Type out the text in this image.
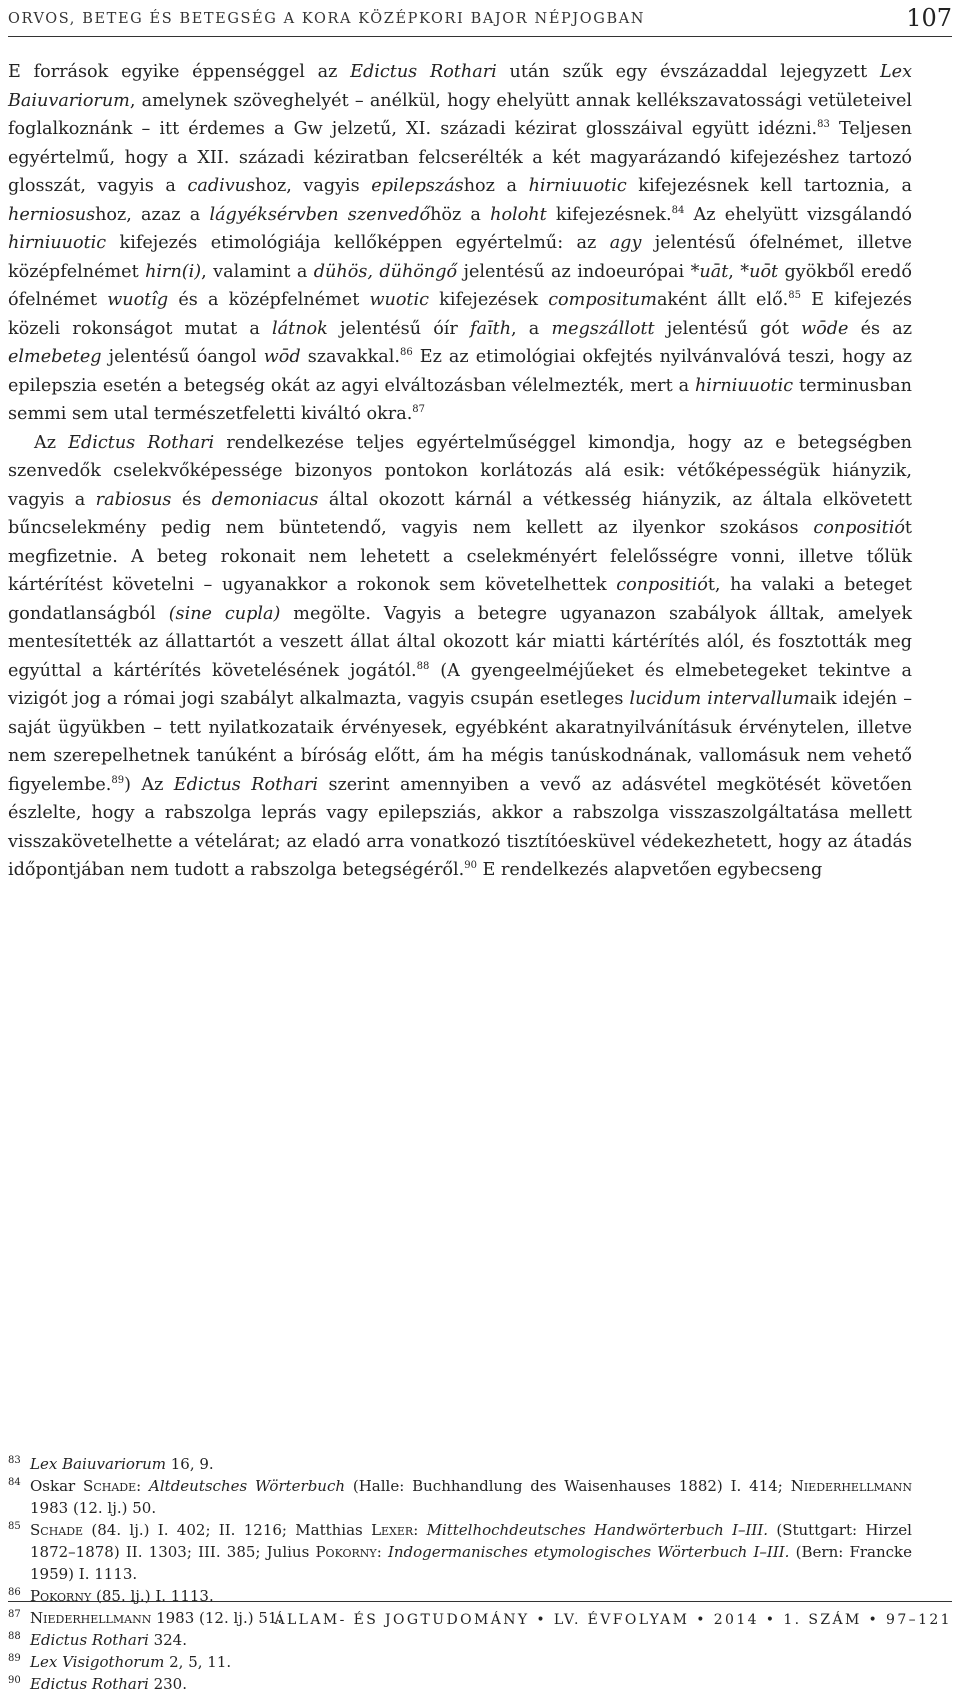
ORVOS, BETEG ÉS BETEGSÉG A KORA KÖZÉPKORI BAJOR NÉPJOGBAN	107

E források egyike éppenséggel az Edictus Rothari után szűk egy évszázaddal lejegyzett Lex Baiuvariorum, amelynek szöveghelyét – anélkül, hogy ehelyütt annak kellékszavatossági vetületeivel foglalkoznánk – itt érdemes a Gw jelzetű, XI. századi kézirat glosszáival együtt idézni.$^{83}$ Teljesen egyértelmű, hogy a XII. századi kéziratban felcserélték a két magyarázandó kifejezéshez tartozó glosszát, vagyis a cadivushoz, vagyis epilepszáshoz a hirniuuotic kifejezésnek kell tartoznia, a herniosushoz, azaz a lágyéksérvben szenvedőhöz a holoht kifejezésnek.$^{84}$ Az ehelyütt vizsgálandó hirniuuotic kifejezés etimológiája kellőképpen egyértelmű: az agy jelentésű ófelnémet, illetve középfelnémet hirn(i), valamint a dühös, dühöngő jelentésű az indoeurópai *uāt, *uōt gyökből eredő ófelnémet wuotîg és a középfelnémet wuotic kifejezések compositumaként állt elő.$^{85}$ E kifejezés közeli rokonságot mutat a látnok jelentésű óír faīth, a megszállott jelentésű gót wōde és az elmebeteg jelentésű óangol wōd szavakkal.$^{86}$ Ez az etimológiai okfejtés nyilvánvalóvá teszi, hogy az epilepszia esetén a betegség okát az agyi elváltozásban vélelmezték, mert a hirniuuotic terminusban semmi sem utal természetfeletti kiváltó okra.$^{87}$

Az Edictus Rothari rendelkezése teljes egyértelműséggel kimondja, hogy az e betegségben szenvedők cselekvőképessége bizonyos pontokon korlátozás alá esik: vétőképességük hiányzik, vagyis a rabiosus és demoniacus által okozott kárnál a vétkesség hiányzik, az általa elkövetett bűncselekmény pedig nem büntetendő, vagyis nem kellett az ilyenkor szokásos conpositiót megfizetnie. A beteg rokonait nem lehetett a cselekményért felelősségre vonni, illetve tőlük kártérítést követelni – ugyanakkor a rokonok sem követelhettek conpositiót, ha valaki a beteget gondatlanságból (sine cupla) megölte. Vagyis a betegre ugyanazon szabályok álltak, amelyek mentesítették az állattartót a veszett állat által okozott kár miatti kártérítés alól, és fosztották meg egyúttal a kártérítés követelésének jogától.$^{88}$ (A gyengeelméjűeket és elmebetegeket tekintve a vizigót jog a római jogi szabályt alkalmazta, vagyis csupán esetleges lucidum intervallumaik idején – saját ügyükben – tett nyilatkozataik érvényesek, egyébként akaratnyilvánításuk érvénytelen, illetve nem szerepelhetnek tanúként a bíróság előtt, ám ha mégis tanúskodnának, vallomásuk nem vehető figyelembe.$^{89}$) Az Edictus Rothari szerint amennyiben a vevő az adásvétel megkötését követően észlelte, hogy a rabszolga leprás vagy epilepsziás, akkor a rabszolga visszaszolgáltatása mellett visszakövetelhette a vételárat; az eladó arra vonatkozó tisztítóesküvel védekezhetett, hogy az átadás időpontjában nem tudott a rabszolga betegségéről.$^{90}$ E rendelkezés alapvetően egybecseng

83 Lex Baiuvariorum 16, 9.
84 Oskar Schade: Altdeutsches Wörterbuch (Halle: Buchhandlung des Waisenhauses 1882) I. 414; Niederhellmann 1983 (12. lj.) 50.
85 Schade (84. lj.) I. 402; II. 1216; Matthias Lexer: Mittelhochdeutsches Handwörterbuch I–III. (Stuttgart: Hirzel 1872–1878) II. 1303; III. 385; Julius Pokorny: Indogermanisches etymologisches Wörterbuch I–III. (Bern: Francke 1959) I. 1113.
86 Pokorny (85. lj.) I. 1113.
87 Niederhellmann 1983 (12. lj.) 51.
88 Edictus Rothari 324.
89 Lex Visigothorum 2, 5, 11.
90 Edictus Rothari 230.
ÁLLAM- ÉS JOGTUDOMÁNY • LV. ÉVFOLYAM • 2014 • 1. SZÁM • 97–121
